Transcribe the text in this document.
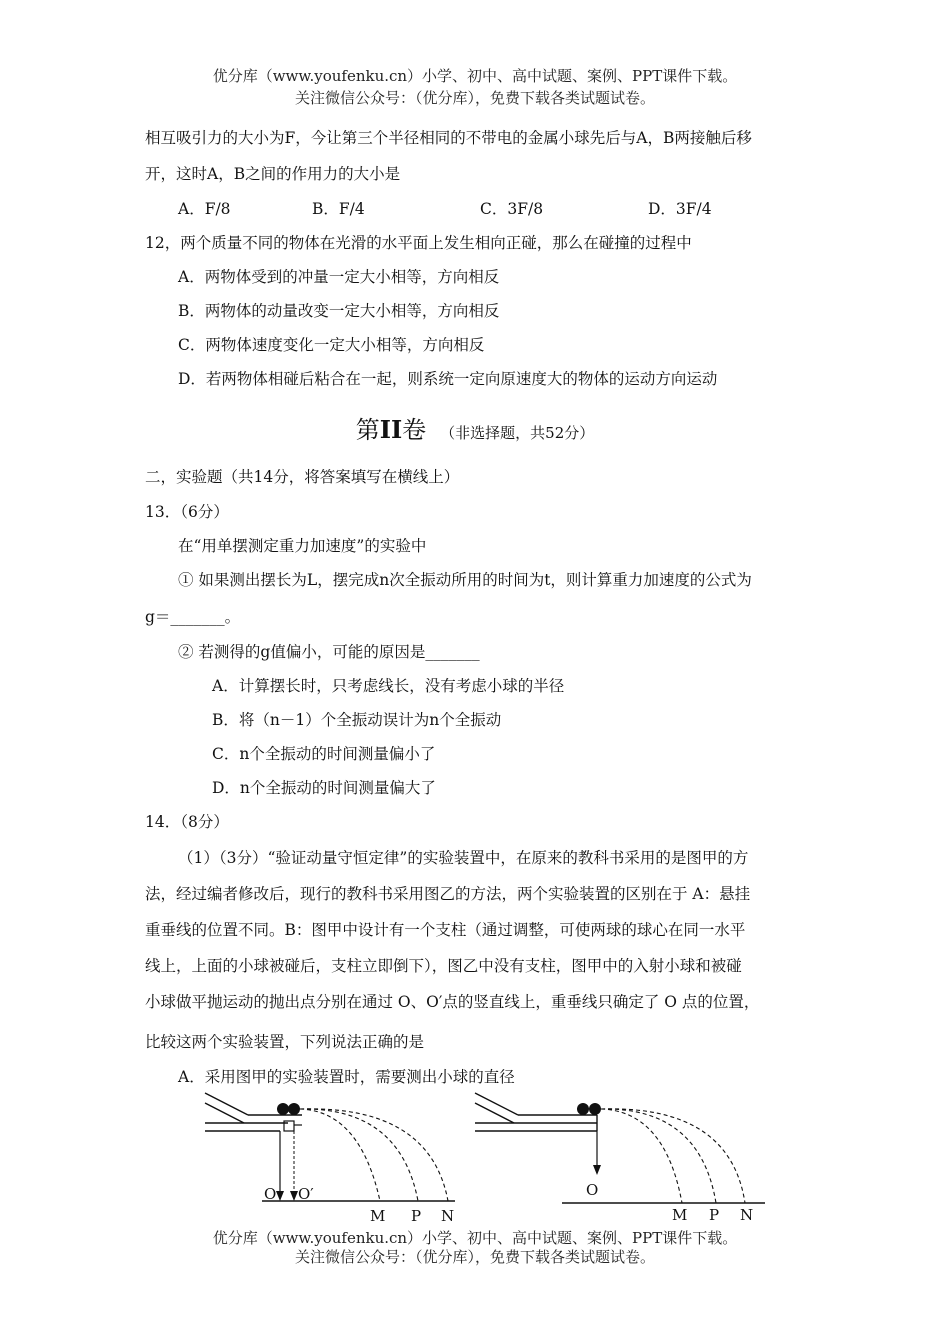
优分库（www.youfenku.cn）小学、初中、高中试题、案例、PPT课件下载。
关注微信公众号：（优分库），免费下载各类试题试卷。
相互吸引力的大小为F，今让第三个半径相同的不带电的金属小球先后与A，B两接触后移
开，这时A，B之间的作用力的大小是
A．F/8	B．F/4	C．3F/8	D．3F/4
12，两个质量不同的物体在光滑的水平面上发生相向正碰，那么在碰撞的过程中
A．两物体受到的冲量一定大小相等，方向相反
B．两物体的动量改变一定大小相等，方向相反
C．两物体速度变化一定大小相等，方向相反
D．若两物体相碰后粘合在一起，则系统一定向原速度大的物体的运动方向运动
第II卷 （非选择题，共52分）
二，实验题（共14分，将答案填写在横线上）
13．（6分）
在“用单摆测定重力加速度”的实验中
① 如果测出摆长为L，摆完成n次全振动所用的时间为t，则计算重力加速度的公式为
g＝_______。
② 若测得的g值偏小，可能的原因是_______
A．计算摆长时，只考虑线长，没有考虑小球的半径
B．将（n－1）个全振动误计为n个全振动
C．n个全振动的时间测量偏小了
D．n个全振动的时间测量偏大了
14．（8分）
（1）（3分）“验证动量守恒定律”的实验装置中，在原来的教科书采用的是图甲的方
法，经过编者修改后，现行的教科书采用图乙的方法，两个实验装置的区别在于 A：悬挂
重垂线的位置不同。B：图甲中设计有一个支柱（通过调整，可使两球的球心在同一水平
线上，上面的小球被碰后，支柱立即倒下），图乙中没有支柱，图甲中的入射小球和被碰
小球做平抛运动的抛出点分别在通过 O、O′点的竖直线上，重垂线只确定了 O 点的位置，
比较这两个实验装置，下列说法正确的是
A．采用图甲的实验装置时，需要测出小球的直径
O O′
M P N
O
M P N
优分库（www.youfenku.cn）小学、初中、高中试题、案例、PPT课件下载。
关注微信公众号：（优分库），免费下载各类试题试卷。
